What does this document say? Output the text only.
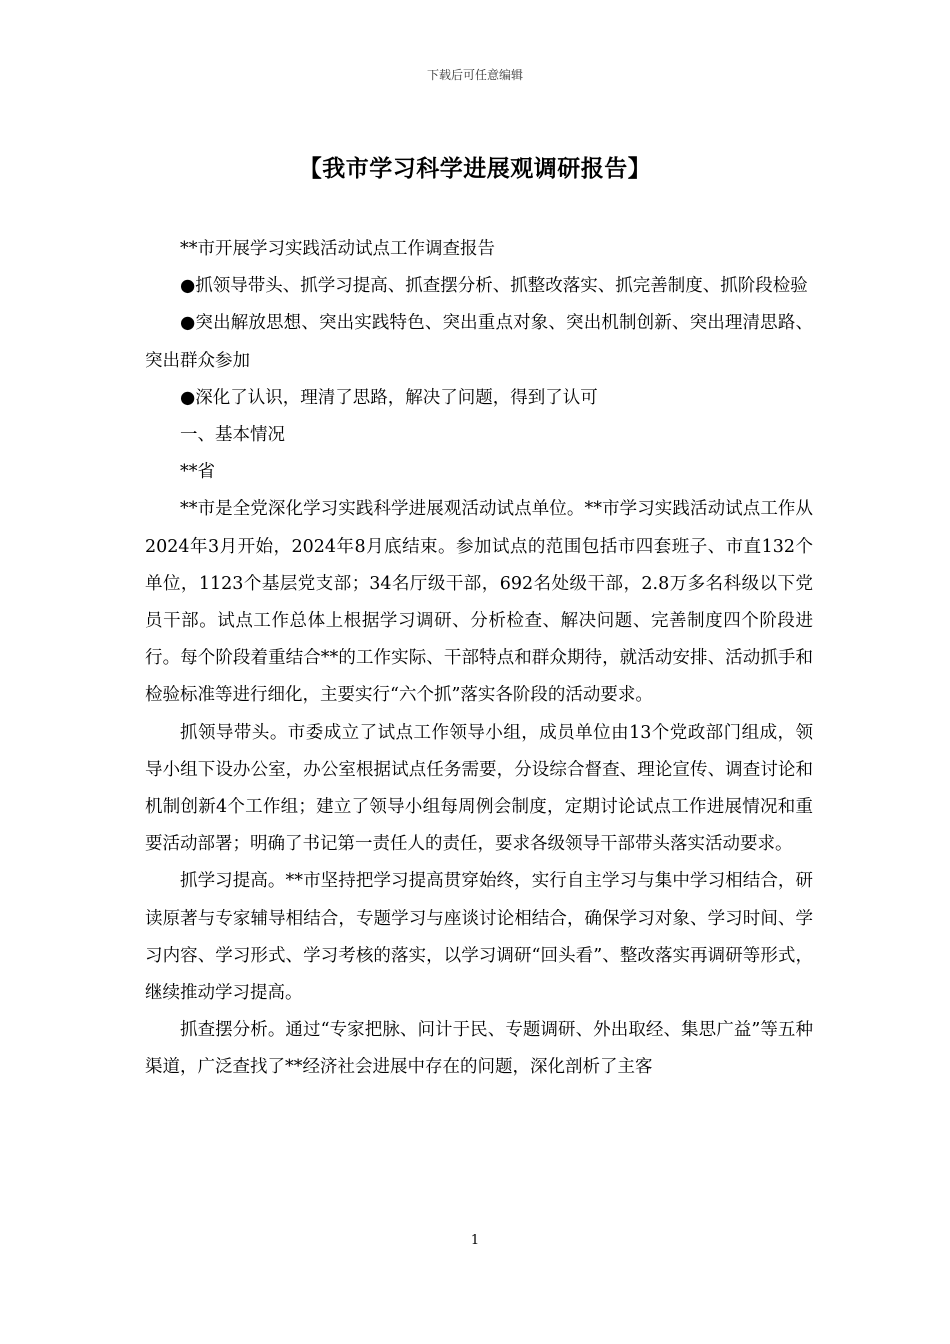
下载后可任意编辑
【我市学习科学进展观调研报告】

**市开展学习实践活动试点工作调查报告

●抓领导带头、抓学习提高、抓查摆分析、抓整改落实、抓完善制度、抓阶段检验

●突出解放思想、突出实践特色、突出重点对象、突出机制创新、突出理清思路、突出群众参加

●深化了认识，理清了思路，解决了问题，得到了认可

一、基本情况

**省

**市是全党深化学习实践科学进展观活动试点单位。**市学习实践活动试点工作从2024年3月开始，2024年8月底结束。参加试点的范围包括市四套班子、市直132个单位，1123个基层党支部；34名厅级干部，692名处级干部，2.8万多名科级以下党员干部。试点工作总体上根据学习调研、分析检查、解决问题、完善制度四个阶段进行。每个阶段着重结合**的工作实际、干部特点和群众期待，就活动安排、活动抓手和检验标准等进行细化，主要实行“六个抓”落实各阶段的活动要求。

抓领导带头。市委成立了试点工作领导小组，成员单位由13个党政部门组成，领导小组下设办公室，办公室根据试点任务需要，分设综合督查、理论宣传、调查讨论和机制创新4个工作组；建立了领导小组每周例会制度，定期讨论试点工作进展情况和重要活动部署；明确了书记第一责任人的责任，要求各级领导干部带头落实活动要求。

抓学习提高。**市坚持把学习提高贯穿始终，实行自主学习与集中学习相结合，研读原著与专家辅导相结合，专题学习与座谈讨论相结合，确保学习对象、学习时间、学习内容、学习形式、学习考核的落实，以学习调研“回头看”、整改落实再调研等形式，继续推动学习提高。

抓查摆分析。通过“专家把脉、问计于民、专题调研、外出取经、集思广益”等五种渠道，广泛查找了**经济社会进展中存在的问题，深化剖析了主客

1
